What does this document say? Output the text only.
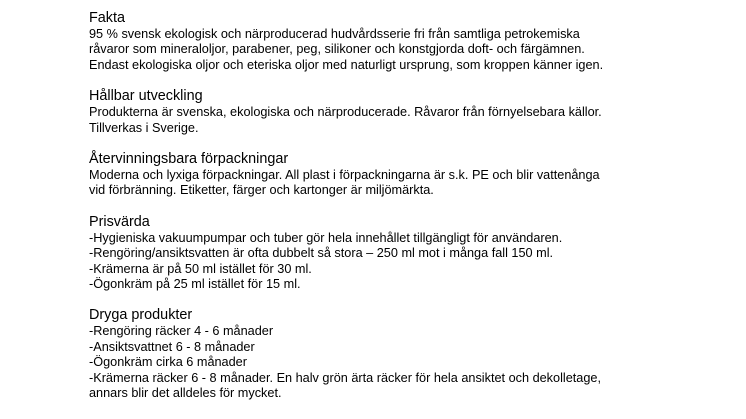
Fakta
95 % svensk ekologisk och närproducerad hudvårdsserie fri från samtliga petrokemiska
råvaror som mineraloljor, parabener, peg, silikoner och konstgjorda doft- och färgämnen.
Endast ekologiska oljor och eteriska oljor med naturligt ursprung, som kroppen känner igen.
Hållbar utveckling
Produkterna är svenska, ekologiska och närproducerade. Råvaror från förnyelsebara källor.
Tillverkas i Sverige.
Återvinningsbara förpackningar
Moderna och lyxiga förpackningar. All plast i förpackningarna är s.k. PE och blir vattenånga
vid förbränning. Etiketter, färger och kartonger är miljömärkta.
Prisvärda
-Hygieniska vakuumpumpar och tuber gör hela innehållet tillgängligt för användaren.
-Rengöring/ansiktsvatten är ofta dubbelt så stora – 250 ml mot i många fall 150 ml.
-Krämerna är på 50 ml istället för 30 ml.
-Ögonkräm på 25 ml istället för 15 ml.
Dryga produkter
-Rengöring räcker 4 - 6 månader
-Ansiktsvattnet 6 - 8 månader
-Ögonkräm cirka 6 månader
-Krämerna räcker 6 - 8 månader. En halv grön ärta räcker för hela ansiktet och dekolletage,
annars blir det alldeles för mycket.
